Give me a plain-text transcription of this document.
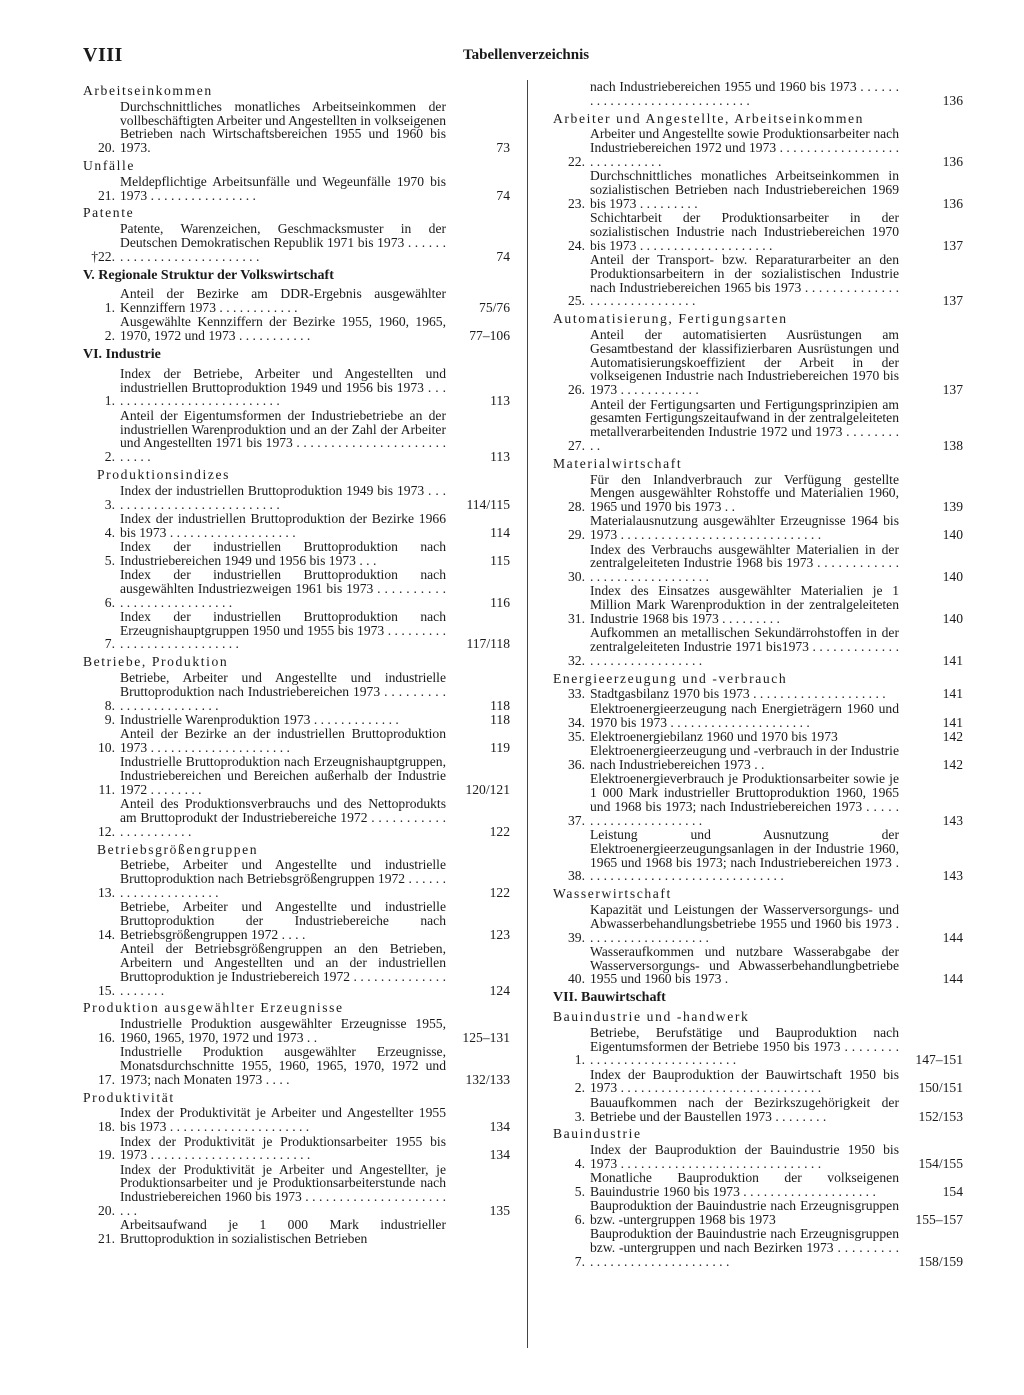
VIII	Tabellenverzeichnis
Arbeitseinkommen
20.
Durchschnittliches monatliches Arbeitseinkommen der vollbeschäftigten Arbeiter und Angestellten in volkseigenen Betrieben nach Wirtschaftsbereichen 1955 und 1960 bis 1973.	73
Unfälle
21.
Meldepflichtige Arbeitsunfälle und Wegeunfälle 1970 bis 1973 . . . . . . . . . . . . . . . .	74
Patente
†22.
Patente, Warenzeichen, Geschmacksmuster in der Deutschen Demokratischen Republik 1971 bis 1973 . . . . . . . . . . . . . . . . . . . . . . . . . . .	74
V. Regionale Struktur der Volkswirtschaft
1.
Anteil der Bezirke am DDR-Ergebnis ausgewählter Kennziffern 1973 . . . . . . . . . . . .	75/76
2.
Ausgewählte Kennziffern der Bezirke 1955, 1960, 1965, 1970, 1972 und 1973 . . . . . . . . . . .	77–106
VI. Industrie
1.
Index der Betriebe, Arbeiter und Angestellten und industriellen Bruttoproduktion 1949 und 1956 bis 1973 . . . . . . . . . . . . . . . . . . . . . . . . . . .	113
2.
Anteil der Eigentumsformen der Industriebetriebe an der industriellen Warenproduktion und an der Zahl der Arbeiter und Angestellten 1971 bis 1973 . . . . . . . . . . . . . . . . . . . . . . . . . . .	113
Produktionsindizes
3.
Index der industriellen Bruttoproduktion 1949 bis 1973 . . . . . . . . . . . . . . . . . . . . . . . . . . .	114/115
4.
Index der industriellen Bruttoproduktion der Bezirke 1966 bis 1973 . . . . . . . . . . . . . . . . . . .	114
5.
Index der industriellen Bruttoproduktion nach Industriebereichen 1949 und 1956 bis 1973 . . .	115
6.
Index der industriellen Bruttoproduktion nach ausgewählten Industriezweigen 1961 bis 1973 . . . . . . . . . . . . . . . . . . . . . . . . . . .	116
7.
Index der industriellen Bruttoproduktion nach Erzeugnishauptgruppen 1950 und 1955 bis 1973 . . . . . . . . . . . . . . . . . . . . . . . . . . .	117/118
Betriebe, Produktion
8.
Betriebe, Arbeiter und Angestellte und industrielle Bruttoproduktion nach Industriebereichen 1973 . . . . . . . . . . . . . . . . . . . . . . . .	118
9. Industrielle Warenproduktion 1973 . . . . . . . . . . . . .	118
10.
Anteil der Bezirke an der industriellen Bruttoproduktion 1973 . . . . . . . . . . . . . . . . . . . . .	119
11.
Industrielle Bruttoproduktion nach Erzeugnishauptgruppen, Industriebereichen und Bereichen außerhalb der Industrie 1972 . . . . . . . .	120/121
12.
Anteil des Produktionsverbrauchs und des Nettoprodukts am Bruttoprodukt der Industriebereiche 1972 . . . . . . . . . . . . . . . . . . . . . .	122
Betriebsgrößengruppen
13.
Betriebe, Arbeiter und Angestellte und industrielle Bruttoproduktion nach Betriebsgrößengruppen 1972 . . . . . . . . . . . . . . . . . . . . .	122
14.
Betriebe, Arbeiter und Angestellte und industrielle Bruttoproduktion der Industriebereiche nach Betriebsgrößengruppen 1972 . . . .	123
15.
Anteil der Betriebsgrößengruppen an den Betrieben, Arbeitern und Angestellten und an der industriellen Bruttoproduktion je Industriebereich 1972 . . . . . . . . . . . . . . . . . . . . .	124
Produktion ausgewählter Erzeugnisse
16.
Industrielle Produktion ausgewählter Erzeugnisse 1955, 1960, 1965, 1970, 1972 und 1973 . .	125–131
17.
Industrielle Produktion ausgewählter Erzeugnisse, Monatsdurchschnitte 1955, 1960, 1965, 1970, 1972 und 1973; nach Monaten 1973 . . . .	132/133
Produktivität
18.
Index der Produktivität je Arbeiter und Angestellter 1955 bis 1973 . . . . . . . . . . . . . . . . . . . . .	134
19.
Index der Produktivität je Produktionsarbeiter 1955 bis 1973 . . . . . . . . . . . . . . . . . . . . . . . .	134
20.
Index der Produktivität je Arbeiter und Angestellter, je Produktionsarbeiter und je Produktionsarbeiterstunde nach Industriebereichen 1960 bis 1973 . . . . . . . . . . . . . . . . . . . . . . . .	135
21.
Arbeitsaufwand je 1 000 Mark industrieller Bruttoproduktion in sozialistischen Betrieben
nach Industriebereichen 1955 und 1960 bis 1973 . . . . . . . . . . . . . . . . . . . . . . . . . . . . . .	136
Arbeiter und Angestellte, Arbeitseinkommen
22.
Arbeiter und Angestellte sowie Produktionsarbeiter nach Industriebereichen 1972 und 1973 . . . . . . . . . . . . . . . . . . . . . . . . . . . . .	136
23.
Durchschnittliches monatliches Arbeitseinkommen in sozialistischen Betrieben nach Industriebereichen 1969 bis 1973 . . . . . . . . .	136
24.
Schichtarbeit der Produktionsarbeiter in der sozialistischen Industrie nach Industriebereichen 1970 bis 1973 . . . . . . . . . . . . . . . . . . . .	137
25.
Anteil der Transport- bzw. Reparaturarbeiter an den Produktionsarbeitern in der sozialistischen Industrie nach Industriebereichen 1965 bis 1973 . . . . . . . . . . . . . . . . . . . . . . . . . . . . . .	137
Automatisierung, Fertigungsarten
26.
Anteil der automatisierten Ausrüstungen am Gesamtbestand der klassifizierbaren Ausrüstungen und Automatisierungskoeffizient der Arbeit in der volkseigenen Industrie nach Industriebereichen 1970 bis 1973 . . . . . . . . . . . .	137
27.
Anteil der Fertigungsarten und Fertigungsprinzipien am gesamten Fertigungszeitaufwand in der zentralgeleiteten metallverarbeitenden Industrie 1972 und 1973 . . . . . . . . . .	138
Materialwirtschaft
28.
Für den Inlandverbrauch zur Verfügung gestellte Mengen ausgewählter Rohstoffe und Materialien 1960, 1965 und 1970 bis 1973 . .	139
29.
Materialausnutzung ausgewählter Erzeugnisse 1964 bis 1973 . . . . . . . . . . . . . . . . . . . . . . . . . . . . . .	140
30.
Index des Verbrauchs ausgewählter Materialien in der zentralgeleiteten Industrie 1968 bis 1973 . . . . . . . . . . . . . . . . . . . . . . . . . . . . . .	140
31.
Index des Einsatzes ausgewählter Materialien je 1 Million Mark Warenproduktion in der zentralgeleiteten Industrie 1968 bis 1973 . . . . . . . . .	140
32.
Aufkommen an metallischen Sekundärrohstoffen in der zentralgeleiteten Industrie 1971 bis1973 . . . . . . . . . . . . . . . . . . . . . . . . . . . . . .	141
Energieerzeugung und -verbrauch
33. Stadtgasbilanz 1970 bis 1973 . . . . . . . . . . . . . . . . . . . .	141
34.
Elektroenergieerzeugung nach Energieträgern 1960 und 1970 bis 1973 . . . . . . . . . . . . . . . . . . . . .	141
35. Elektroenergiebilanz 1960 und 1970 bis 1973	142
36.
Elektroenergieerzeugung und -verbrauch in der Industrie nach Industriebereichen 1973 . .	142
37.
Elektroenergieverbrauch je Produktionsarbeiter sowie je 1 000 Mark industrieller Bruttoproduktion 1960, 1965 und 1968 bis 1973; nach Industriebereichen 1973 . . . . . . . . . . . . . . . . . . . . . .	143
38.
Leistung und Ausnutzung der Elektroenergieerzeugungsanlagen in der Industrie 1960, 1965 und 1968 bis 1973; nach Industriebereichen 1973 . . . . . . . . . . . . . . . . . . . . . . . . . . . . . .	143
Wasserwirtschaft
39.
Kapazität und Leistungen der Wasserversorgungs- und Abwasserbehandlungsbetriebe 1955 und 1960 bis 1973 . . . . . . . . . . . . . . . . . . .	144
40.
Wasseraufkommen und nutzbare Wasserabgabe der Wasserversorgungs- und Abwasserbehandlungbetriebe 1955 und 1960 bis 1973 .	144
VII. Bauwirtschaft
Bauindustrie und -handwerk
1.
Betriebe, Berufstätige und Bauproduktion nach Eigentumsformen der Betriebe 1950 bis 1973 . . . . . . . . . . . . . . . . . . . . . . . . . . . . . .	147–151
2.
Index der Bauproduktion der Bauwirtschaft 1950 bis 1973 . . . . . . . . . . . . . . . . . . . . . . . . . . . . . .	150/151
3.
Bauaufkommen nach der Bezirkszugehörigkeit der Betriebe und der Baustellen 1973 . . . . . . . .	152/153
Bauindustrie
4.
Index der Bauproduktion der Bauindustrie 1950 bis 1973 . . . . . . . . . . . . . . . . . . . . . . . . . . . . . .	154/155
5.
Monatliche Bauproduktion der volkseigenen Bauindustrie 1960 bis 1973 . . . . . . . . . . . . . . . . . . . .	154
6.
Bauproduktion der Bauindustrie nach Erzeugnisgruppen bzw. -untergruppen 1968 bis 1973	155–157
7.
Bauproduktion der Bauindustrie nach Erzeugnisgruppen bzw. -untergruppen und nach Bezirken 1973 . . . . . . . . . . . . . . . . . . . . . . . . . . . . . .	158/159
